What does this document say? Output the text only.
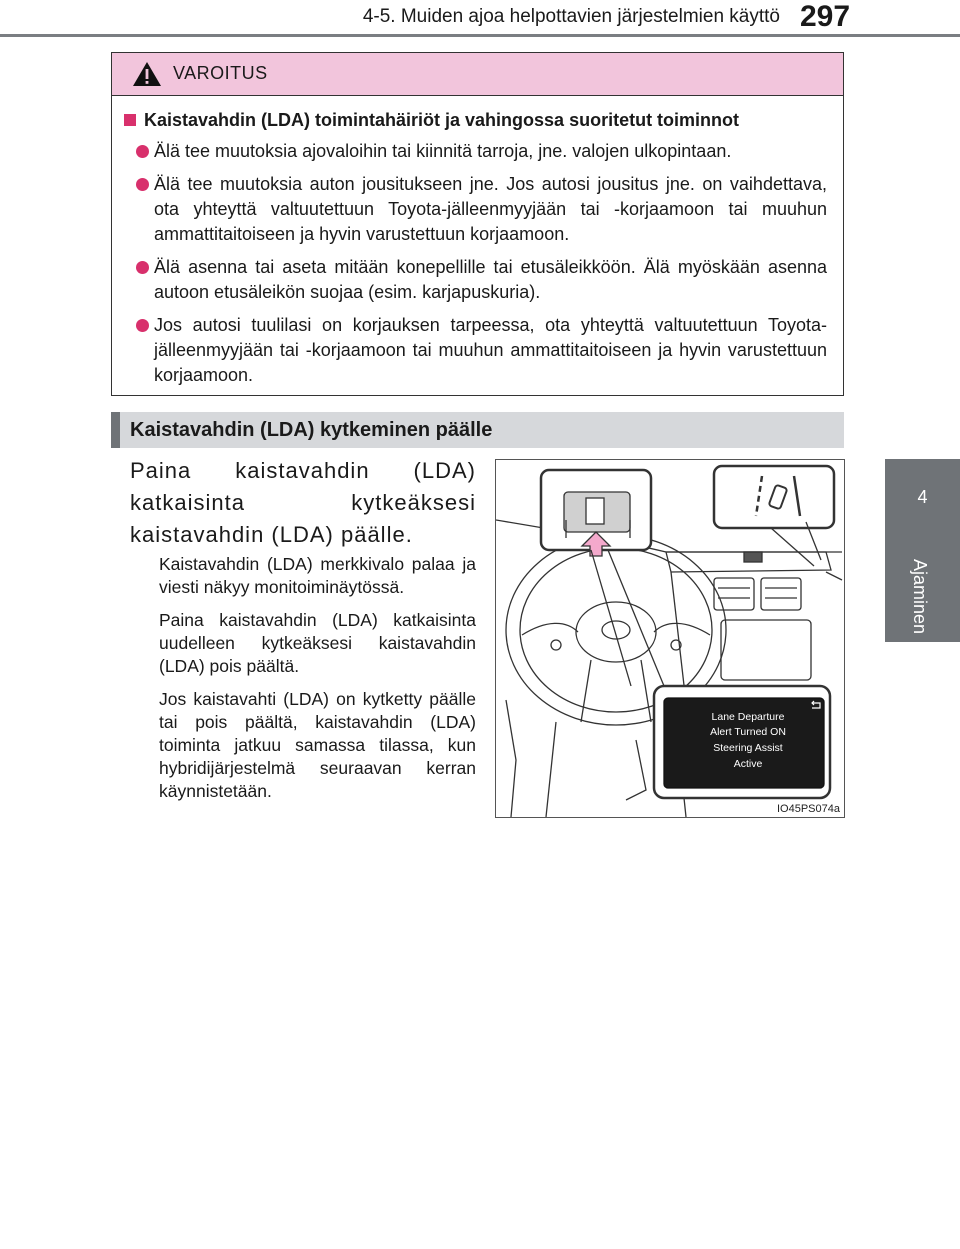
4-5. Muiden ajoa helpottavien järjestelmien käyttö 297
4
Ajaminen
VAROITUS
Kaistavahdin (LDA) toimintahäiriöt ja vahingossa suoritetut toiminnot
Älä tee muutoksia ajovaloihin tai kiinnitä tarroja, jne. valojen ulkopintaan.
Älä tee muutoksia auton jousitukseen jne. Jos autosi jousitus jne. on vaihdettava, ota yhteyttä valtuutettuun Toyota-jälleenmyyjään tai -korjaamoon tai muuhun ammattitaitoiseen ja hyvin varustettuun korjaamoon.
Älä asenna tai aseta mitään konepellille tai etusäleikköön. Älä myöskään asenna autoon etusäleikön suojaa (esim. karjapuskuria).
Jos autosi tuulilasi on korjauksen tarpeessa, ota yhteyttä valtuutettuun Toyota-jälleenmyyjään tai -korjaamoon tai muuhun ammattitaitoiseen ja hyvin varustettuun korjaamoon.
Kaistavahdin (LDA) kytkeminen päälle
Paina kaistavahdin (LDA) katkaisinta kytkeäksesi kaistavahdin (LDA) päälle.
Kaistavahdin (LDA) merkkivalo palaa ja viesti näkyy monitoiminäytössä.
Paina kaistavahdin (LDA) katkaisinta uudelleen kytkeäksesi kaistavahdin (LDA) pois päältä.
Jos kaistavahti (LDA) on kytketty päälle tai pois päältä, kaistavahdin (LDA) toiminta jatkuu samassa tilassa, kun hybridijärjestelmä seuraavan kerran käynnistetään.
IO45PS074a
Lane Departure
Alert Turned ON
Steering Assist
Active
